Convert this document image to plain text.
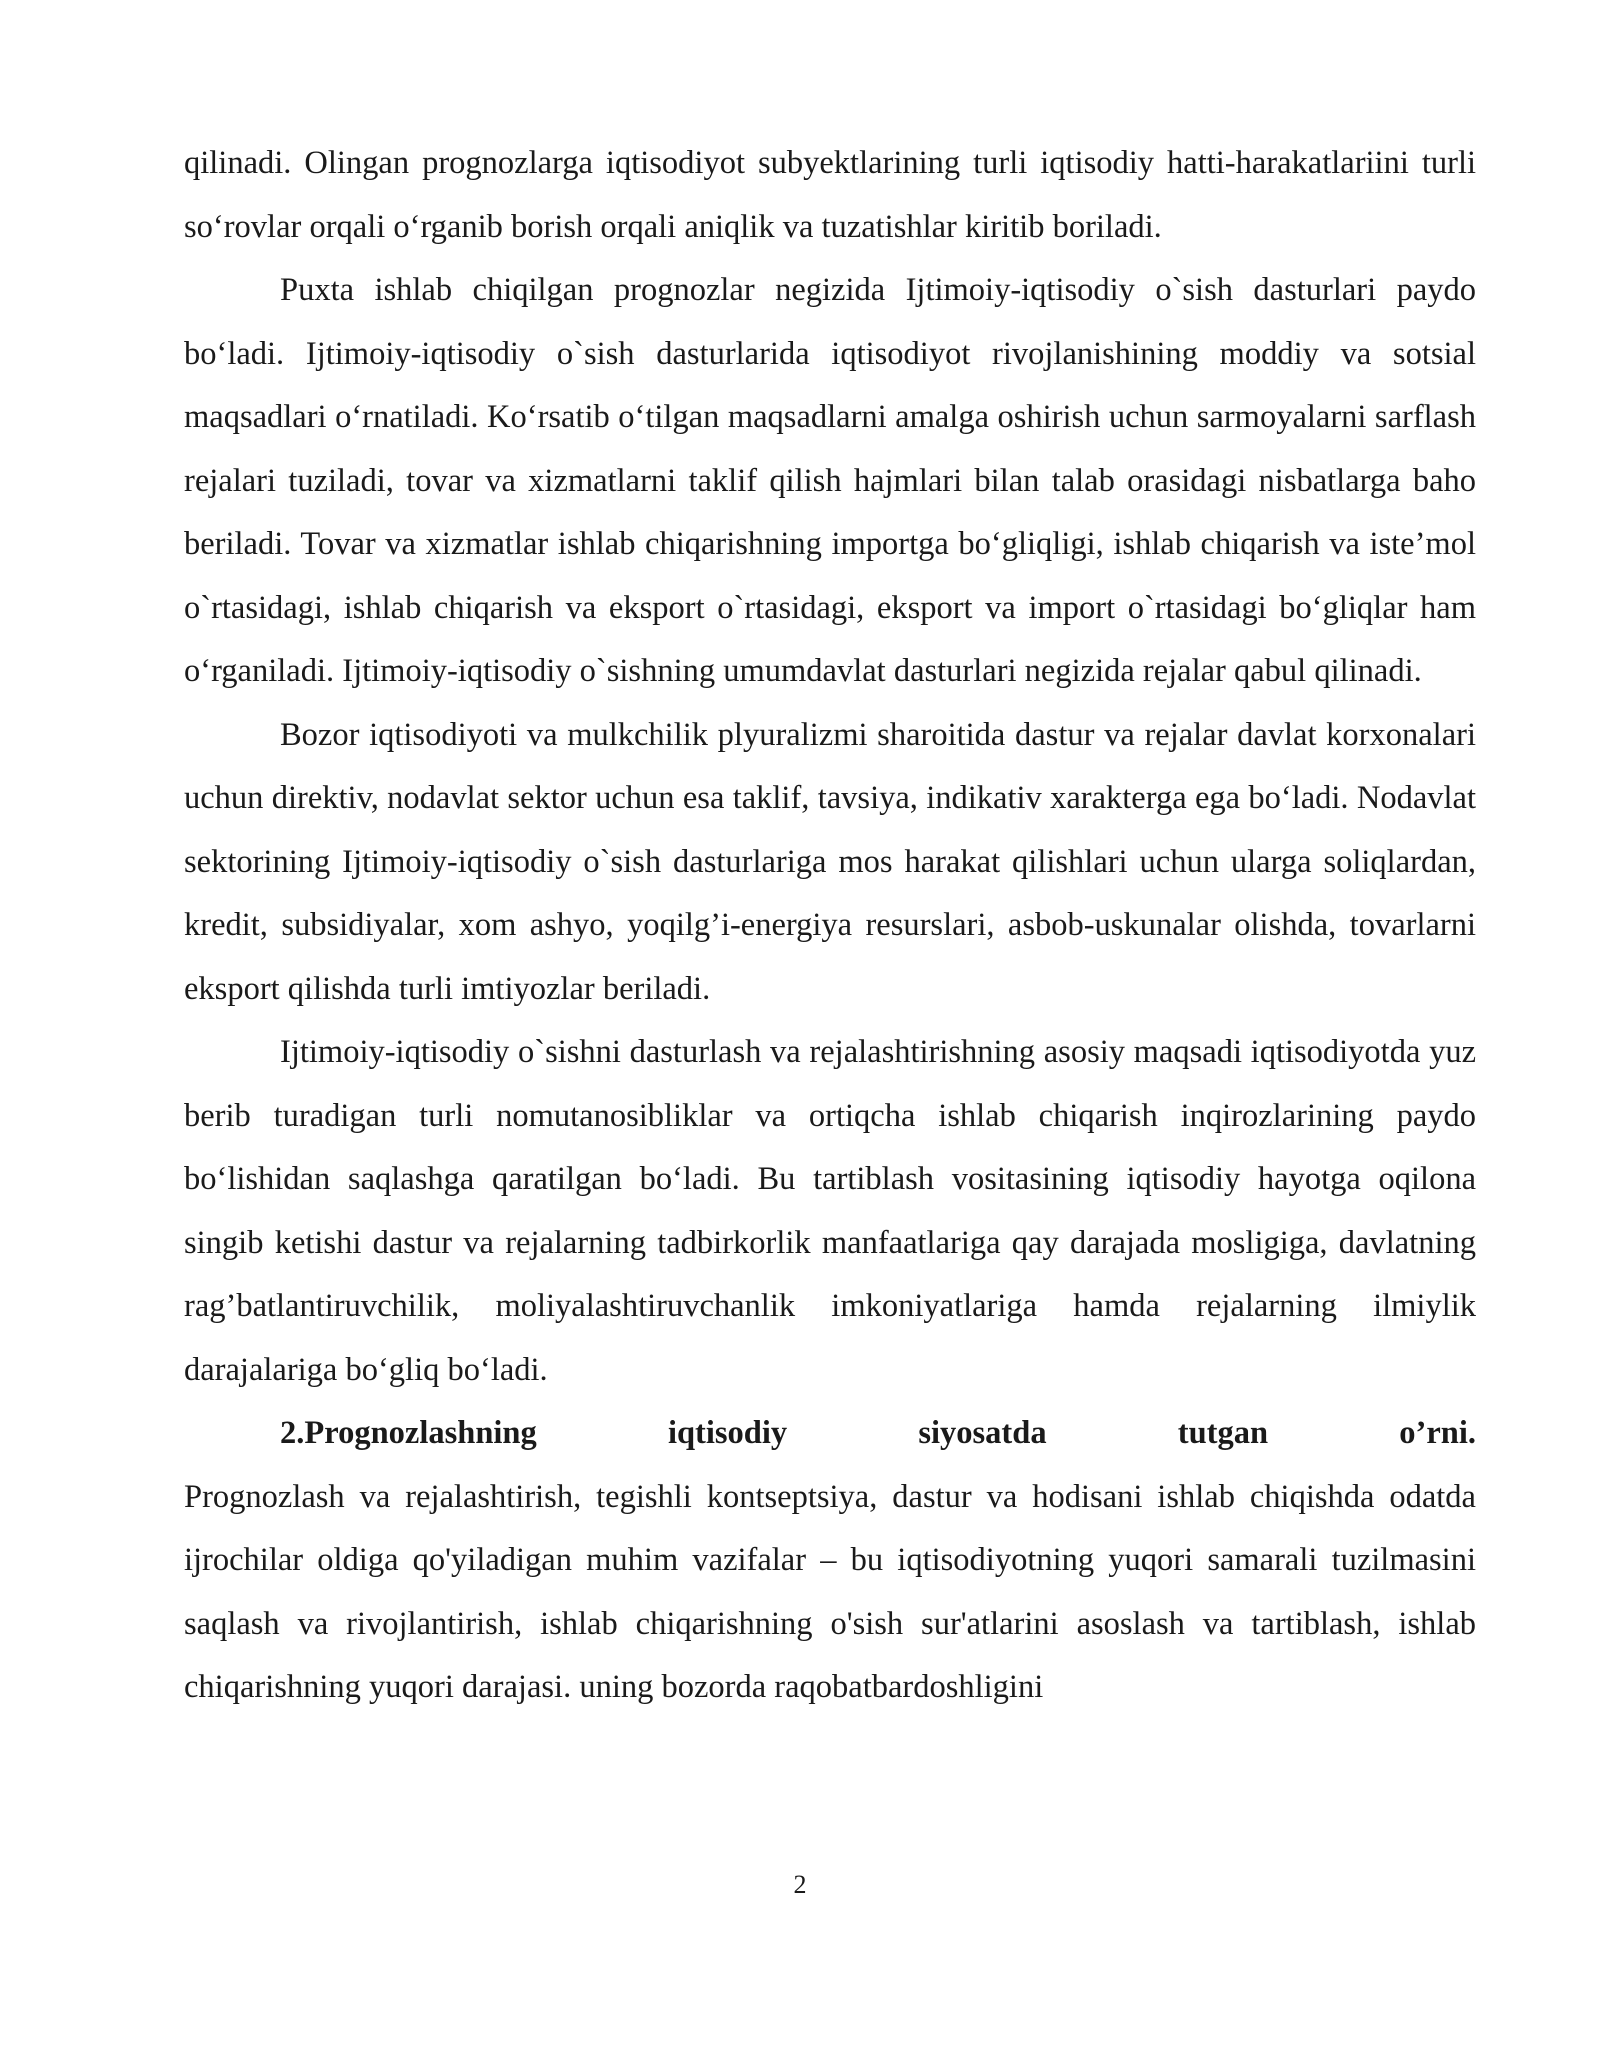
qilinadi. Olingan prognozlarga iqtisodiyot subyektlarining turli iqtisodiy hatti-harakatlariini turli so‘rovlar orqali o‘rganib borish orqali aniqlik va tuzatishlar kiritib boriladi.

Puxta ishlab chiqilgan prognozlar negizida Ijtimoiy-iqtisodiy o`sish dasturlari paydo bo‘ladi. Ijtimoiy-iqtisodiy o`sish dasturlarida iqtisodiyot rivojlanishining moddiy va sotsial maqsadlari o‘rnatiladi. Ko‘rsatib o‘tilgan maqsadlarni amalga oshirish uchun sarmoyalarni sarflash rejalari tuziladi, tovar va xizmatlarni taklif qilish hajmlari bilan talab orasidagi nisbatlarga baho beriladi. Tovar va xizmatlar ishlab chiqarishning importga bo‘gliqligi, ishlab chiqarish va iste’mol o`rtasidagi, ishlab chiqarish va eksport o`rtasidagi, eksport va import o`rtasidagi bo‘gliqlar ham o‘rganiladi. Ijtimoiy-iqtisodiy o`sishning umumdavlat dasturlari negizida rejalar qabul qilinadi.

Bozor iqtisodiyoti va mulkchilik plyuralizmi sharoitida dastur va rejalar davlat korxonalari uchun direktiv, nodavlat sektor uchun esa taklif, tavsiya, indikativ xarakterga ega bo‘ladi. Nodavlat sektorining Ijtimoiy-iqtisodiy o`sish dasturlariga mos harakat qilishlari uchun ularga soliqlardan, kredit, subsidiyalar, xom ashyo, yoqilg’i-energiya resurslari, asbob-uskunalar olishda, tovarlarni eksport qilishda turli imtiyozlar beriladi.

Ijtimoiy-iqtisodiy o`sishni dasturlash va rejalashtirishning asosiy maqsadi iqtisodiyotda yuz berib turadigan turli nomutanosibliklar va ortiqcha ishlab chiqarish inqirozlarining paydo bo‘lishidan saqlashga qaratilgan bo‘ladi. Bu tartiblash vositasining iqtisodiy hayotga oqilona singib ketishi dastur va rejalarning tadbirkorlik manfaatlariga qay darajada mosligiga, davlatning rag’batlantiruvchilik, moliyalashtiruvchanlik imkoniyatlariga hamda rejalarning ilmiylik darajalariga bo‘gliq bo‘ladi.

2.Prognozlashning iqtisodiy siyosatda tutgan o’rni.

Prognozlash va rejalashtirish, tegishli kontseptsiya, dastur va hodisani ishlab chiqishda odatda ijrochilar oldiga qo'yiladigan muhim vazifalar – bu iqtisodiyotning yuqori samarali tuzilmasini saqlash va rivojlantirish, ishlab chiqarishning o'sish sur'atlarini asoslash va tartiblash, ishlab chiqarishning yuqori darajasi. uning bozorda raqobatbardoshligini

2
